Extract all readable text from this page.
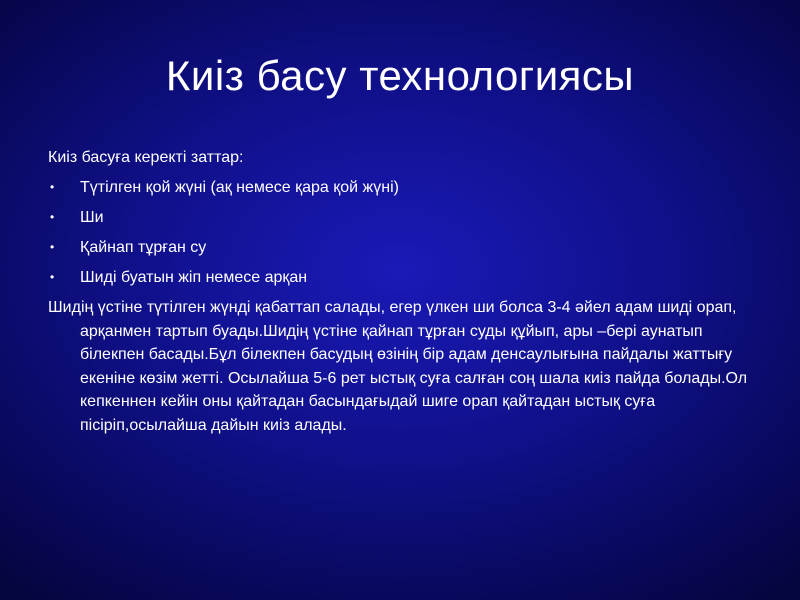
Киіз басу технологиясы

Киіз басуға керекті заттар:

• Түтілген қой жүні (ақ немесе қара қой жүні)
• Ши
• Қайнап тұрған су
• Шиді буатын жіп немесе арқан

Шидің үстіне түтілген жүнді қабаттап салады, егер үлкен ши болса 3-4 әйел адам шиді орап, арқанмен тартып буады.Шидің үстіне қайнап тұрған суды құйып, ары –бері аунатып білекпен басады.Бұл білекпен басудың өзінің бір адам денсаулығына пайдалы жаттығу екеніне көзім жетті. Осылайша 5-6 рет ыстық суға салған соң шала киіз пайда болады.Ол кепкеннен кейін оны қайтадан басындағыдай шиге орап қайтадан ыстық суға пісіріп,осылайша дайын киіз алады.
